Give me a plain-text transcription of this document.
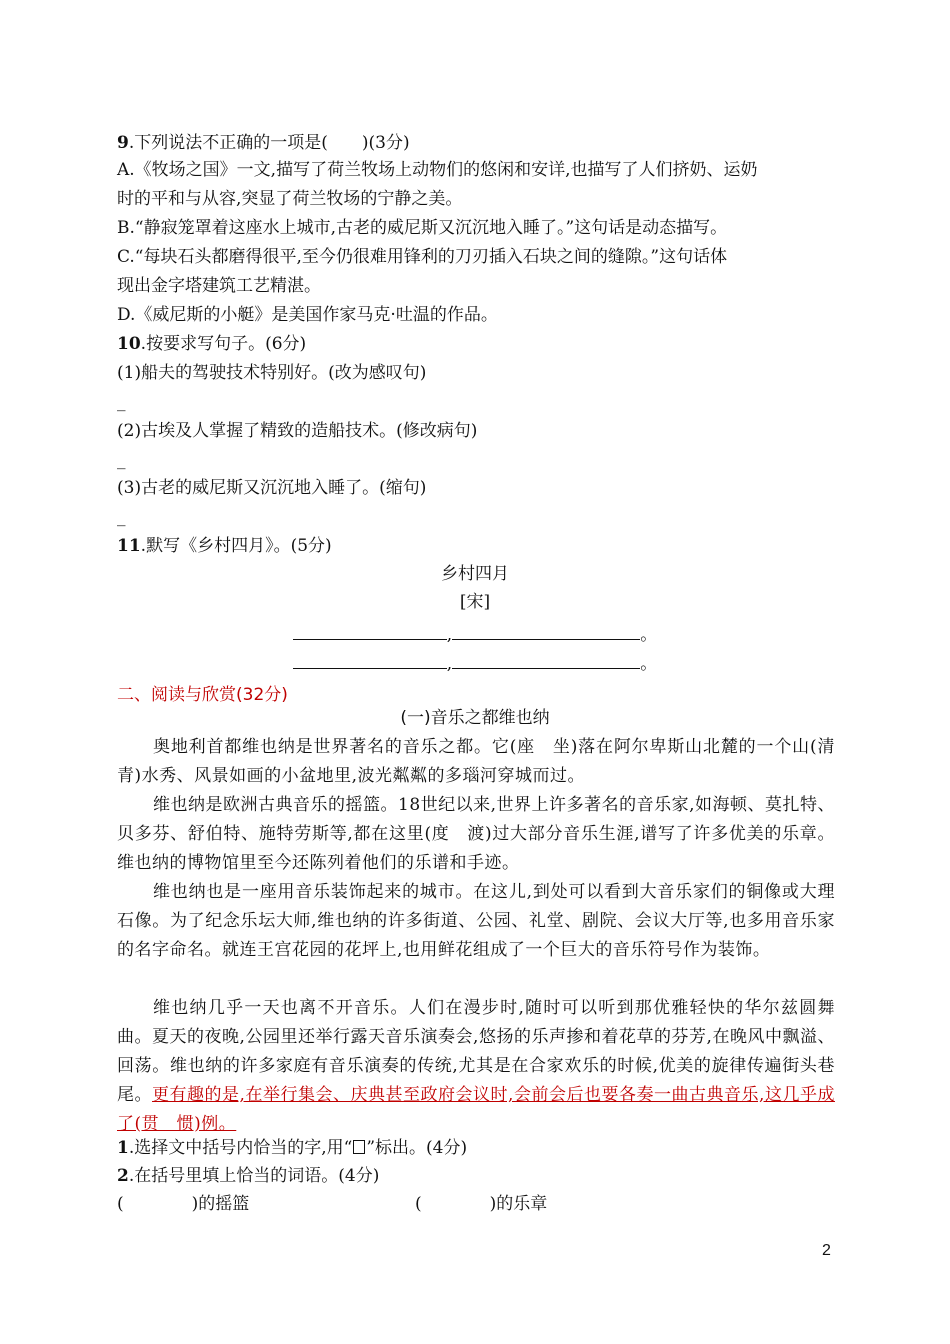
9.下列说法不正确的一项是(　　)(3分)
A.《牧场之国》一文,描写了荷兰牧场上动物们的悠闲和安详,也描写了人们挤奶、运奶
时的平和与从容,突显了荷兰牧场的宁静之美。
B.“静寂笼罩着这座水上城市,古老的威尼斯又沉沉地入睡了。”这句话是动态描写。
C.“每块石头都磨得很平,至今仍很难用锋利的刀刃插入石块之间的缝隙。”这句话体
现出金字塔建筑工艺精湛。
D.《威尼斯的小艇》是美国作家马克·吐温的作品。
10.按要求写句子。(6分)
(1)船夫的驾驶技术特别好。(改为感叹句)
_
(2)古埃及人掌握了精致的造船技术。(修改病句)
_
(3)古老的威尼斯又沉沉地入睡了。(缩句)
_
11.默写《乡村四月》。(5分)
乡村四月
[宋]
,	。
,	。
二、阅读与欣赏(32分)
(一)音乐之都维也纳
奥地利首都维也纳是世界著名的音乐之都。它(座　坐)落在阿尔卑斯山北麓的一个山(清　青)水秀、风景如画的小盆地里,波光粼粼的多瑙河穿城而过。
维也纳是欧洲古典音乐的摇篮。18世纪以来,世界上许多著名的音乐家,如海顿、莫扎特、贝多芬、舒伯特、施特劳斯等,都在这里(度　渡)过大部分音乐生涯,谱写了许多优美的乐章。维也纳的博物馆里至今还陈列着他们的乐谱和手迹。
维也纳也是一座用音乐装饰起来的城市。在这儿,到处可以看到大音乐家们的铜像或大理石像。为了纪念乐坛大师,维也纳的许多街道、公园、礼堂、剧院、会议大厅等,也多用音乐家的名字命名。就连王宫花园的花坪上,也用鲜花组成了一个巨大的音乐符号作为装饰。
维也纳几乎一天也离不开音乐。人们在漫步时,随时可以听到那优雅轻快的华尔兹圆舞曲。夏天的夜晚,公园里还举行露天音乐演奏会,悠扬的乐声掺和着花草的芬芳,在晚风中飘溢、回荡。维也纳的许多家庭有音乐演奏的传统,尤其是在合家欢乐的时候,优美的旋律传遍街头巷尾。更有趣的是,在举行集会、庆典甚至政府会议时,会前会后也要各奏一曲古典音乐,这几乎成了(贯　惯)例。
1.选择文中括号内恰当的字,用“ ”标出。(4分)
2.在括号里填上恰当的词语。(4分)
(　　　　)的摇篮	(　　　　)的乐章
2
